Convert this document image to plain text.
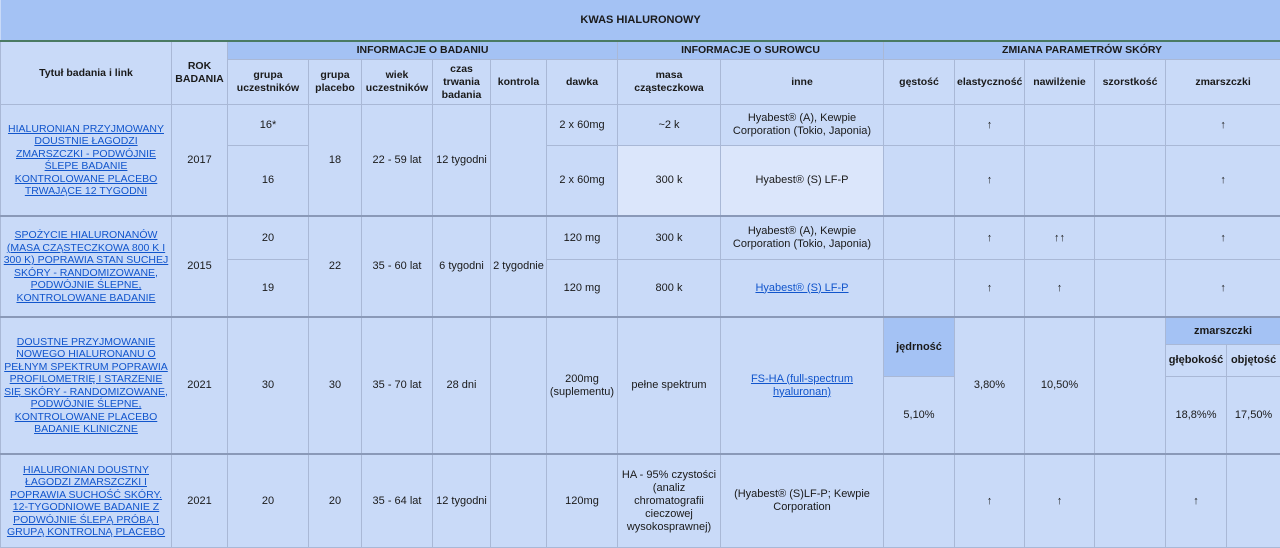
KWAS HIALURONOWY															
Tytuł badania i link	ROK BADANIA	INFORMACJE O BADANIU						INFORMACJE O SUROWCU		ZMIANA PARAMETRÓW SKÓRY					
		grupa uczestników	grupa placebo	wiek uczestników	czas trwania badania	kontrola	dawka	masa cząsteczkowa	inne	gęstość	elastyczność	nawilżenie	szorstkość	zmarszczki	
HIALURONIAN PRZYJMOWANY DOUSTNIE ŁAGODZI ZMARSZCZKI - PODWÓJNIE ŚLEPE BADANIE KONTROLOWANE PLACEBO TRWAJĄCE 12 TYGODNI	2017	16*	18	22 - 59 lat	12 tygodni		2 x 60mg	~2 k	Hyabest® (A), Kewpie Corporation (Tokio, Japonia)		↑			↑	
		16					2 x 60mg	300 k	Hyabest® (S) LF-P		↑			↑	
SPOŻYCIE HIALURONANÓW (MASA CZĄSTECZKOWA 800 K I 300 K) POPRAWIA STAN SUCHEJ SKÓRY - RANDOMIZOWANE, PODWÓJNIE ŚLEPNE, KONTROLOWANE BADANIE	2015	20	22	35 - 60 lat	6 tygodni	2 tygodnie	120 mg	300 k	Hyabest® (A), Kewpie Corporation (Tokio, Japonia)		↑	↑↑		↑	
		19					120 mg	800 k	Hyabest® (S) LF-P		↑	↑		↑	
DOUSTNE PRZYJMOWANIE NOWEGO HIALURONANU O PEŁNYM SPEKTRUM POPRAWIA PROFILOMETRIĘ I STARZENIE SIĘ SKÓRY - RANDOMIZOWANE, PODWÓJNIE ŚLEPNE, KONTROLOWANE PLACEBO BADANIE KLINICZNE	2021	30	30	35 - 70 lat	28 dni		200mg (suplementu)	pełne spektrum	FS-HA (full-spectrum hyaluronan)	jędrność	3,80%	10,50%		zmarszczki	
														głębokość	objętość
										5,10%				18,8%%	17,50%
HIALURONIAN DOUSTNY ŁAGODZI ZMARSZCZKI I POPRAWIA SUCHOŚĆ SKÓRY. 12-TYGODNIOWE BADANIE Z PODWÓJNIE ŚLEPĄ PRÓBĄ I GRUPĄ KONTROLNĄ PLACEBO	2021	20	20	35 - 64 lat	12 tygodni		120mg	HA - 95% czystości (analiz chromatografii cieczowej wysokosprawnej)	(Hyabest® (S)LF-P; Kewpie Corporation		↑	↑		↑	
